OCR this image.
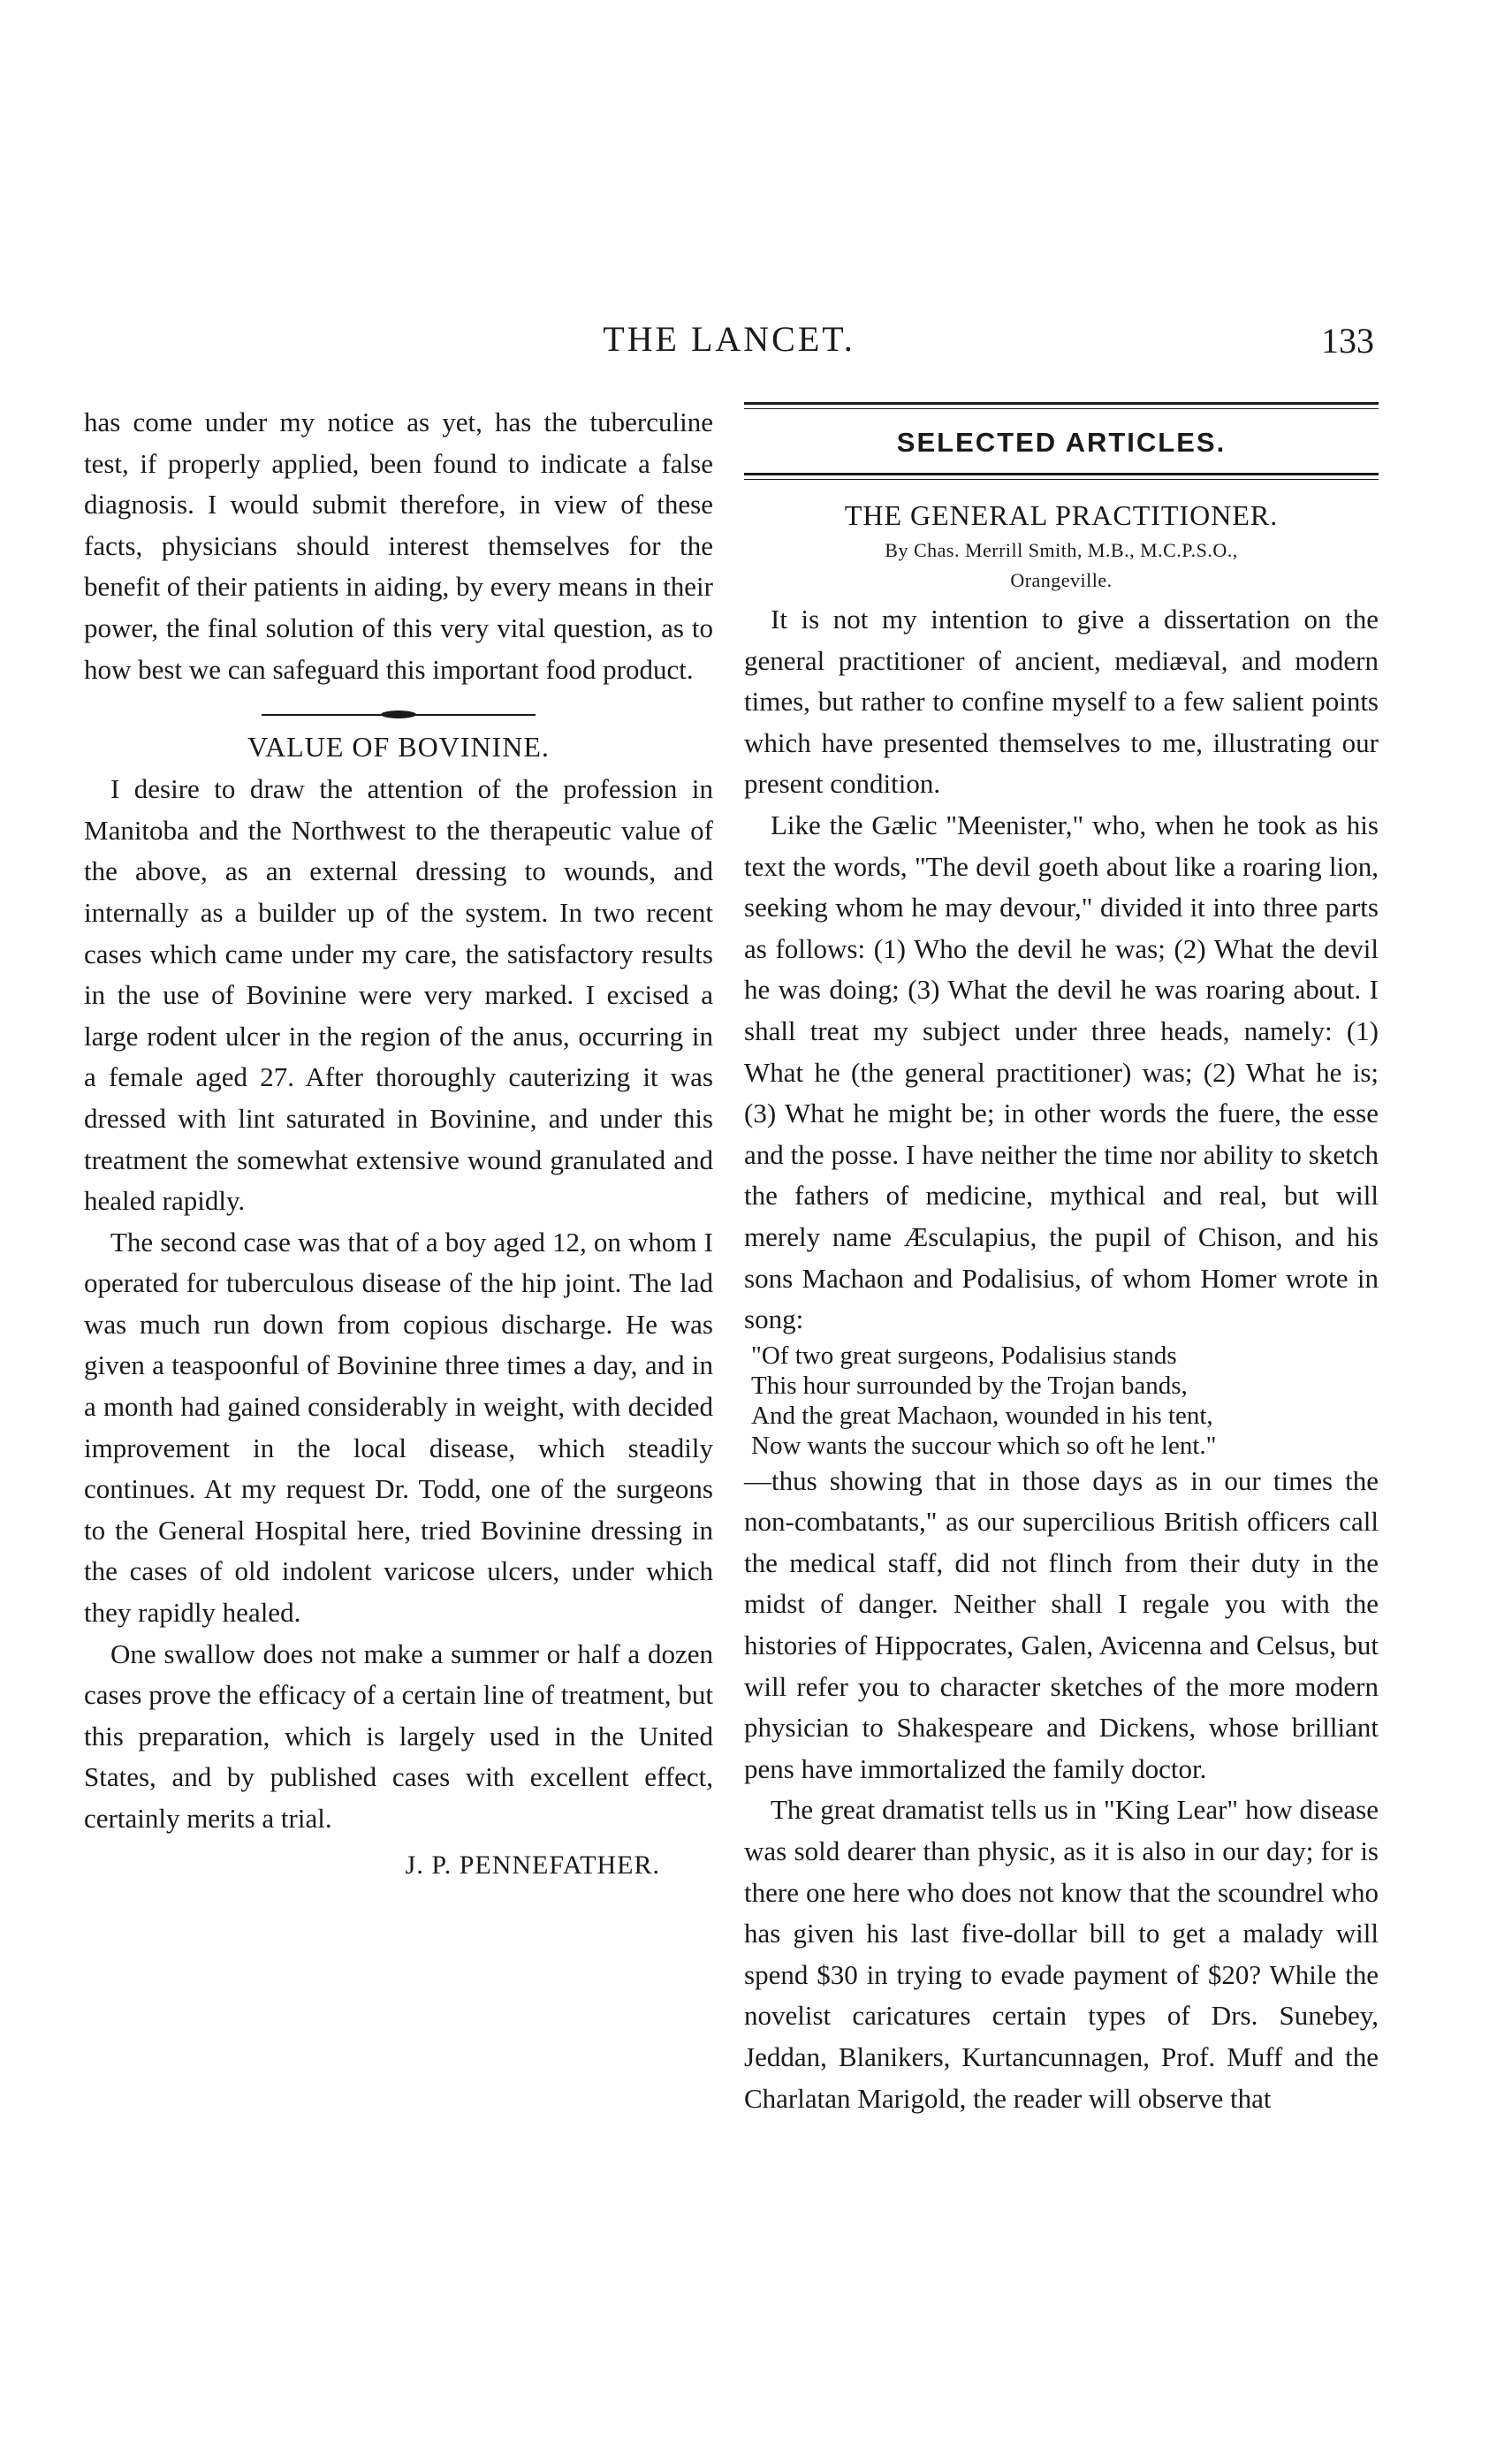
THE LANCET.	133

has come under my notice as yet, has the tuberculine test, if properly applied, been found to indicate a false diagnosis. I would submit therefore, in view of these facts, physicians should interest themselves for the benefit of their patients in aiding, by every means in their power, the final solution of this very vital question, as to how best we can safeguard this important food product.

VALUE OF BOVININE.

I desire to draw the attention of the profession in Manitoba and the Northwest to the therapeutic value of the above, as an external dressing to wounds, and internally as a builder up of the system. In two recent cases which came under my care, the satisfactory results in the use of Bovinine were very marked. I excised a large rodent ulcer in the region of the anus, occurring in a female aged 27. After thoroughly cauterizing it was dressed with lint saturated in Bovinine, and under this treatment the somewhat extensive wound granulated and healed rapidly.

The second case was that of a boy aged 12, on whom I operated for tuberculous disease of the hip joint. The lad was much run down from copious discharge. He was given a teaspoonful of Bovinine three times a day, and in a month had gained considerably in weight, with decided improvement in the local disease, which steadily continues. At my request Dr. Todd, one of the surgeons to the General Hospital here, tried Bovinine dressing in the cases of old indolent varicose ulcers, under which they rapidly healed.

One swallow does not make a summer or half a dozen cases prove the efficacy of a certain line of treatment, but this preparation, which is largely used in the United States, and by published cases with excellent effect, certainly merits a trial.

J. P. PENNEFATHER.
SELECTED ARTICLES.
THE GENERAL PRACTITIONER.
By Chas. Merrill Smith, M.B., M.C.P.S.O.,
Orangeville.

It is not my intention to give a dissertation on the general practitioner of ancient, mediæval, and modern times, but rather to confine myself to a few salient points which have presented themselves to me, illustrating our present condition.

Like the Gælic "Meenister," who, when he took as his text the words, "The devil goeth about like a roaring lion, seeking whom he may devour," divided it into three parts as follows: (1) Who the devil he was; (2) What the devil he was doing; (3) What the devil he was roaring about. I shall treat my subject under three heads, namely: (1) What he (the general practitioner) was; (2) What he is; (3) What he might be; in other words the fuere, the esse and the posse. I have neither the time nor ability to sketch the fathers of medicine, mythical and real, but will merely name Æsculapius, the pupil of Chison, and his sons Machaon and Podalisius, of whom Homer wrote in song:

"Of two great surgeons, Podalisius stands
This hour surrounded by the Trojan bands,
And the great Machaon, wounded in his tent,
Now wants the succour which so oft he lent."

—thus showing that in those days as in our times the non-combatants," as our supercilious British officers call the medical staff, did not flinch from their duty in the midst of danger. Neither shall I regale you with the histories of Hippocrates, Galen, Avicenna and Celsus, but will refer you to character sketches of the more modern physician to Shakespeare and Dickens, whose brilliant pens have immortalized the family doctor.

The great dramatist tells us in "King Lear" how disease was sold dearer than physic, as it is also in our day; for is there one here who does not know that the scoundrel who has given his last five-dollar bill to get a malady will spend $30 in trying to evade payment of $20? While the novelist caricatures certain types of Drs. Sunebey, Jeddan, Blanikers, Kurtancunnagen, Prof. Muff and the Charlatan Marigold, the reader will observe that
